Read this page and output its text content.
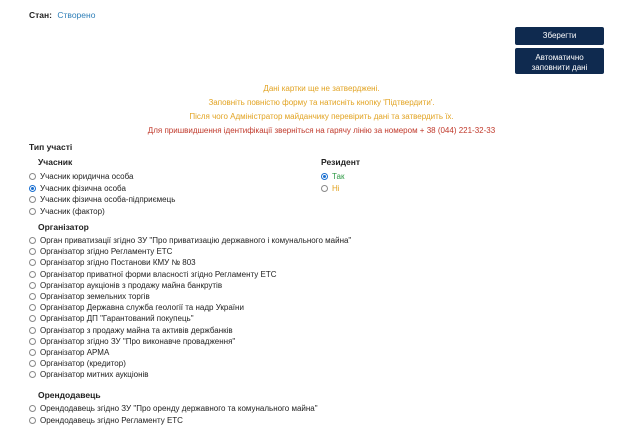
Стан: Створено
Зберегти
Автоматично
заповнити дані
Дані картки ще не затверджені.
Заповніть повністю форму та натисніть кнопку 'Підтвердити'.
Після чого Адміністратор майданчику перевірить дані та затвердить їх.
Для пришвидшення ідентифікації зверніться на гарячу лінію за номером + 38 (044) 221-32-33
Тип участі
Учасник
Учасник юридична особа
Учасник фізична особа
Учасник фізична особа-підприємець
Учасник (фактор)
Резидент
Так
Ні
Організатор
Орган приватизації згідно ЗУ "Про приватизацію державного і комунального майна"
Організатор згідно Регламенту ЕТС
Організатор згідно Постанови КМУ № 803
Організатор приватної форми власності згідно Регламенту ЕТС
Організатор аукціонів з продажу майна банкрутів
Організатор земельних торгів
Організатор Державна служба геології та надр України
Організатор ДП "Гарантований покупець"
Організатор з продажу майна та активів держбанків
Організатор згідно ЗУ "Про виконавче провадження"
Організатор АРМА
Організатор (кредитор)
Організатор митних аукціонів
Орендодавець
Орендодавець згідно ЗУ "Про оренду державного та комунального майна"
Орендодавець згідно Регламенту ЕТС
